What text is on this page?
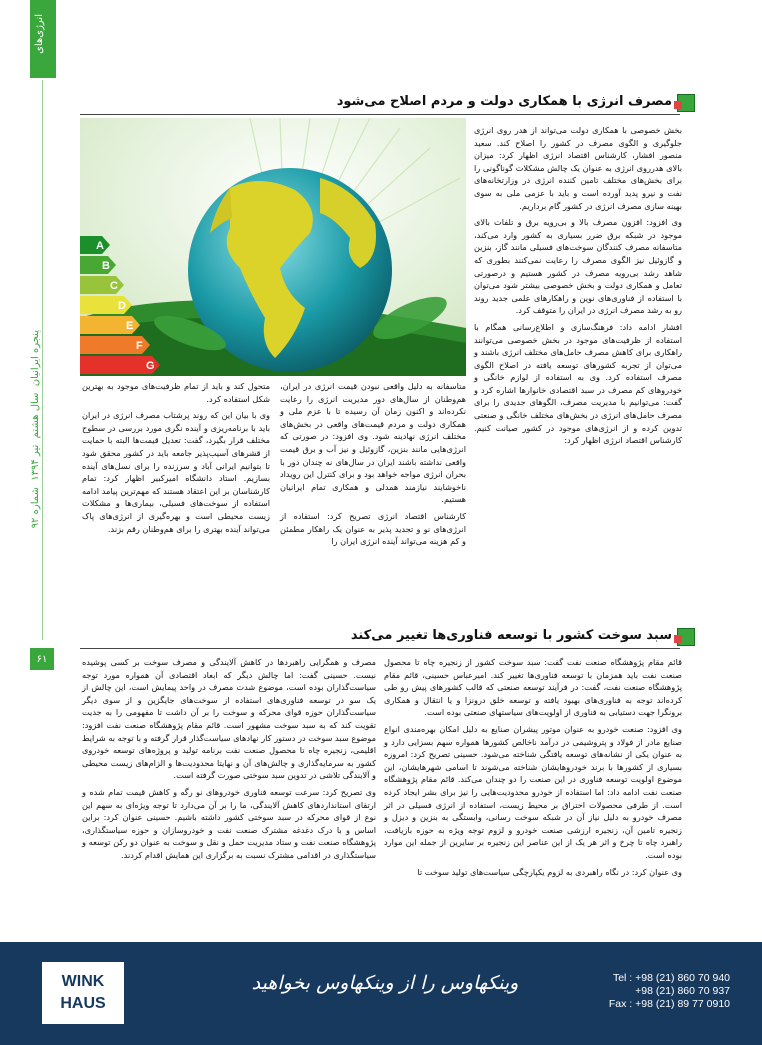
انرژی‌های
پنجره ایرانیان ‌ سال هشتم ‌ تیر ۱۳۹۴ ‌ شماره ۹۲
۶۱
مصرف انرژی با همکاری دولت و مردم اصلاح می‌شود
A
B
C
D
E
F
G

بخش خصوصی با همکاری دولت می‌تواند از هدر روی انرژی جلوگیری و الگوی مصرف در کشور را اصلاح کند. سعید منصور افشار، کارشناس اقتصاد انرژی اظهار کرد: میزان بالای هدرروی انرژی به عنوان یک چالش مشکلات گوناگونی را برای بخش‌های مختلف تامین کننده انرژی در وزارتخانه‌های نفت و نیرو پدید آورده است و باید با عزمی ملی به سوی بهینه سازی مصرف انرژی در کشور گام برداریم.

وی افزود: افزون مصرف بالا و بی‌رویه برق و تلفات بالای موجود در شبکه برق ضرر بسیاری به کشور وارد می‌کند، متاسفانه مصرف کنندگان سوخت‌های فسیلی مانند گاز، بنزین و گازوئیل نیز الگوی مصرف را رعایت نمی‌کنند بطوری که شاهد رشد بی‌رویه مصرف در کشور هستیم و درصورتی تعامل و همکاری دولت و بخش خصوصی بیشتر شود می‌توان با استفاده از فناوری‌های نوین و راهکارهای علمی جدید روند رو به رشد مصرف انرژی در ایران را متوقف کرد.

افشار ادامه داد: فرهنگ‌سازی و اطلاع‌رسانی همگام با استفاده از ظرفیت‌های موجود در بخش خصوصی می‌توانند راهکاری برای کاهش مصرف حامل‌های مختلف انرژی باشند و می‌توان از تجربه کشورهای توسعه یافته در اصلاح الگوی مصرف استفاده کرد. وی به استفاده از لوازم خانگی و خودروهای کم مصرف در سبد اقتصادی خانوارها اشاره کرد و گفت: می‌توانیم با مدیریت مصرف، الگوهای جدیدی را برای مصرف حامل‌های انرژی در بخش‌های مختلف خانگی و صنعتی تدوین کرده و از انرژی‌های موجود در کشور صیانت کنیم. کارشناس اقتصاد انرژی اظهار کرد:

متاسفانه به دلیل واقعی نبودن قیمت انرژی در ایران، هم‌وطنان از سال‌های دور مدیریت انرژی را رعایت نکرده‌اند و اکنون زمان آن رسیده تا با عزم ملی و همکاری دولت و مردم قیمت‌های واقعی در بخش‌های مختلف انرژی نهادینه شود. وی افزود: در صورتی که انرژی‌هایی مانند بنزین، گازوئیل و نیز آب و برق قیمت واقعی نداشته باشند ایران در سال‌های نه چندان دور با بحران انرژی مواجه خواهد بود و برای کنترل این رویداد ناخوشایند نیازمند همدلی و همکاری تمام ایرانیان هستیم.

کارشناس اقتصاد انرژی تصریح کرد: استفاده از انرژی‌های نو و تجدید پذیر به عنوان یک راهکار مطمئن و کم هزینه می‌تواند آینده انرژی ایران را

متحول کند و باید از تمام ظرفیت‌های موجود به بهترین شکل استفاده کرد.

وی با بیان این که روند پرشتاب مصرف انرژی در ایران باید با برنامه‌ریزی و آینده نگری مورد بررسی در سطوح مختلف قرار بگیرد، گفت: تعدیل قیمت‌ها البته با حمایت از قشرهای آسیب‌پذیر جامعه باید در کشور محقق شود تا بتوانیم ایرانی آباد و سرزنده را برای نسل‌های آینده بسازیم. استاد دانشگاه امیرکبیر اظهار کرد: تمام کارشناسان بر این اعتقاد هستند که مهم‌ترین پیامد ادامه استفاده از سوخت‌های فسیلی، بیماری‌ها و مشکلات زیست محیطی است و بهره‌گیری از انرژی‌های پاک می‌تواند آینده بهتری را برای هم‌وطنان رقم بزند.

سبد سوخت کشور با توسعه فناوری‌ها تغییر می‌کند

قائم مقام پژوهشگاه صنعت نفت گفت: سبد سوخت کشور از زنجیره چاه تا محصول صنعت نفت باید همزمان با توسعه فناوری‌ها تغییر کند. امیرعباس حسینی، قائم مقام پژوهشگاه صنعت نفت، گفت: در فرآیند توسعه صنعتی که قالب کشورهای پیش رو طی کرده‌اند توجه به فناوری‌های بهبود یافته و توسعه خلق درونزا و یا انتقال و همکاری برونگرا جهت دستیابی به فناوری از اولویت‌های سیاستهای صنعتی بوده است.

وی افزود: صنعت خودرو به عنوان موتور پیشران صنایع به دلیل امکان بهره‌مندی انواع صنایع مادر از فولاد و پتروشیمی در درآمد ناخالص کشورها همواره سهم بسزایی دارد و به عنوان یکی از نشانه‌های توسعه یافتگی شناخته می‌شود. حسینی تصریح کرد: امروزه بسیاری از کشورها با برند خودروهایشان شناخته می‌شوند تا اسامی شهرهایشان، این موضوع اولویت توسعه فناوری در این صنعت را دو چندان می‌کند. قائم مقام پژوهشگاه صنعت نفت ادامه داد: اما استفاده از خودرو محدودیت‌هایی را نیز برای بشر ایجاد کرده است. از طرفی محصولات احتراق بر محیط زیست، استفاده از انرژی فسیلی در اثر مصرف خودرو به دلیل نیاز آن در شبکه سوخت رسانی، وابستگی به بنزین و دیزل و زنجیره تامین آن، زنجیره ارزشی صنعت خودرو و لزوم توجه ویژه به حوزه بازیافت، راهبرد چاه تا چرخ و اثر هر یک از این عناصر این زنجیره بر سایرین از جمله این موارد بوده است.

وی عنوان کرد: در نگاه راهبردی به لزوم یکپارچگی سیاست‌های تولید سوخت تا

مصرف و همگرایی راهبردها در کاهش آلایندگی و مصرف سوخت بر کسی پوشیده نیست. حسینی گفت: اما چالش دیگر که ابعاد اقتصادی آن همواره مورد توجه سیاست‌گذاران بوده است، موضوع شدت مصرف در واحد پیمایش است، این چالش از یک سو در توسعه فناوری‌های استفاده از سوخت‌های جایگزین و از سوی دیگر سیاست‌گذاران حوزه قوای محرکه و سوخت را بر آن داشت تا مفهومی را به جدیت تقویت کند که به سبد سوخت مشهور است. قائم مقام پژوهشگاه صنعت نفت افزود: موضوع سبد سوخت در دستور کار نهادهای سیاست‌گذار قرار گرفته و با توجه به شرایط اقلیمی، زنجیره چاه تا محصول صنعت نفت برنامه تولید و پروژه‌های توسعه خودروی کشور به سرمایه‌گذاری و چالش‌های آن و نهایتا محدودیت‌ها و الزام‌های زیست محیطی و آلایندگی تلاشی در تدوین سبد سوختی صورت گرفته است.

وی تصریح کرد: سرعت توسعه فناوری خودروهای نو رگه و کاهش قیمت تمام شده و ارتقای استانداردهای کاهش آلایندگی، ما را بر آن می‌دارد تا توجه ویژه‌ای به سهم این نوع از قوای محرکه در سبد سوختی کشور داشته باشیم. حسینی عنوان کرد: براین اساس و با درک دغدغه مشترک صنعت نفت و خودروسازان و حوزه سیاستگذاری، پژوهشگاه صنعت نفت و ستاد مدیریت حمل و نقل و سوخت به عنوان دو رکن توسعه و سیاستگذاری در اقدامی مشترک نسبت به برگزاری این همایش اقدام کردند.

WINK
HAUS
وینکهاوس را از وینکهاوس بخواهید	Tel : +98 (21) 860 70 940
+98 (21) 860 70 937
Fax : +98 (21) 89 77 0910
